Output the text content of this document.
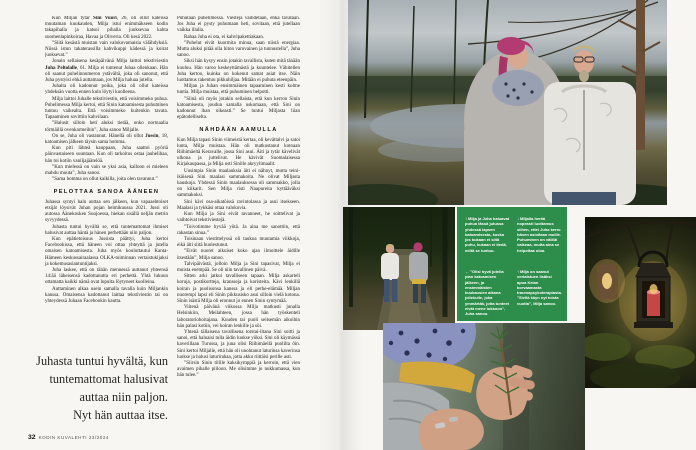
Kun Miljan tytär Sini Vuori, 26, oli ollut kateissa muutaman kuukauden, Milja istui enimmäkseen kodin takapihalla ja katsoi pihalla juoksevaa kahta suomenlapinkoiraa, Havaa ja Oliveria. Oli kesä 2022.

”Siitä kesästä muistan vain valokuvamaisia välähdyksiä. Niissä istun takaterassilla kahvikuppi kädessä ja koirat juoksevat.”

Jonain sellaisena kesäpäivänä Milja laittoi tekstiviestin Juha Peltolalle, 61. Milja ei tuntenut Juhaa ollenkaan. Hän oli saanut puhelinnumeron ystävältä, joka oli sanonut, että Juha pystyisi ehkä auttamaan, jos Milja haluaa jutella.

Juhalta oli kadonnut poika, joka oli ollut kateissa yhdeksän vuotta ennen kuin löytyi kuolleena.

Milja laittoi Juhalle tekstiviestin, että voisimmeko puhua. Puhelimessa Milja kertoi, että Sinin katoamisesta puhuminen tuntuu vaikealta. Että voisimmeko kuitenkin tavata. Tapaaminen sovittiin kahvilaan.

”Halusit silloin heti aluksi tietää, onko normaalia törmäillä ovenkarmeihin”, Juha sanoo Miljalle.

On se, Juha oli vastannut. Hänellä oli ollut Jussin, 18, katoamisen jälkeen täysin sama homma.

Kun piti lähteä kauppaan, Juha saattoi pyöriä päinvastaiseen suuntaan. Kun oli tarkoitus ostaa jauhelihaa, hän toi kotiin vaniljajäätelöä.

”Kun mielessä on vain se yksi asia, kalloon ei mieleen mahdu muuta”, Juha sanoo.

”Sama homma on ollut kaikilla, joita olen tavannut.”

PELOTTAA SANOA ÄÄNEEN

Juhassa syntyi halu auttaa sen jälkeen, kun vapaaehtoiset etsijät löysivät Juhan pojan helmikuussa 2021. Jussi oli autossa Äänekosken Suojoessa, hiekan sisällä neljän metrin syvyydessä.

Juhasta tuntui hyvältä se, että tuntemattomat ihmiset halusivat auttaa häntä ja hänen perhettään niin paljon.

Kun epätietoisuus Jussista päättyi, Juha kertoi Facebookissa, että häneen voi ottaa yhteyttä ja jutella omaisen katoamisesta. Juha myös kouluttautui Kanta-Hämeen keskussairaalassa OLKA-toiminnan vertaistukijaksi ja kokemusasiantuntijaksi.

Juha laskee, että on tähän mennessä auttanut yhteensä 14:ää läheisensä kadottanutta eri perhettä. Yhtä lukuun ottamatta kaikki nämä ovat lopulta löytyneet kuolleina.

Auttaminen alkaa usein samalla tavalla kuin Miljankin kanssa. Omaisensa kadottanut laittaa tekstiviestin tai on yhteydessä Juhaan Facebookin kautta.

Puhutaan puhelimessa. Viestejä vaihdetaan, ehkä tavataan. Jos Juha ei pysty puhumaan heti, sovitaan, että jutellaan vaikka illalla.

Rahaa Juha ei ota, ei kahvipakettiakaan.

”Puhelut eivät kuormita minua, saan niistä energiaa. Mutta aluksi pitää olla hiton varovainen ja tunnustella”, Juha sanoo.

Siksi hän kysyy ensin jotakin tavallista, kuten mitä tänään kuuluu. Hän varoo keskeyttämästä ja kuuntelee. Vähitellen Juha kertoo, kuinka on kokenut samat asiat itse. Näin luottamus rakentuu pikkuhiljaa. Mitään ei puhuta eteenpäin.

Miljan ja Juhan ensimmäinen tapaaminen kesti kolme tuntia. Milja muistaa, että puhuminen helpotti.

”Siinä oli myös jotakin sellaista, että kun kerron Sinin katoamisesta, joudun samalla uskomaan, että Sini on kadonnut ihan oikeasti.” Se tuntui Miljasta liian epätodelliselta.

NÄHDÄÄN AAMULLA

Kun Milja tapasi Sinin viimeistä kertaa, oli kevättalvi ja satoi lunta, Milja muistaa. Hän oli matkustanut kotoaan Riihimäeltä Keravalle, jossa Sini asui. Äiti ja tytär kävelivät ulkona ja juttelivat. He kävivät Suomalaisessa Kirjakaupassa, ja Milja osti Sinille akryylimaalit.

Uusimpia Sinin maalauksia äiti ei nähnyt, mutta teini-ikäisenä Sini maalasi sammakoita. Ne olivat Miljasta hauskoja. Yhdessä Sinin maalauksessa oli sammakko, jolla on kiikarit. Sen Milja risti Naapureita kyttääväksi sammakoksi.

Sini kävi osa-aikatöissä ravintolassa ja asui itsekseen. Maalasi ja tykkäsi ottaa valokuvia.

Kun Milja ja Sini eivät tavanneet, he soittelivat ja vaihtoivat tekstiviestejä.

”Toivotimme hyvää yötä. Ja aina me sanottiin, että rakastan sinua.”

Toisinaan viestittelyssä oli taukoa muutamia viikkoja, eikä äiti siitä huolestunut.

”Eivät nuoret aikuiset koko ajan ilmoittele äidille itsestään”, Milja sanoo.

Talvipäivästä, jolloin Milja ja Sini tapasivat, Milja ei muista enempää. Se oli niin tavallinen päivä.

Sitten arki jatkui tavalliseen tapaan. Milja askarteli koruja, postikortteja, kransseja ja koristeita. Kävi lenkillä koiran ja puolisonsa kanssa ja eli perhe-elämää. Miljan nuorempi lapsi eli Sinin pikkusisko asui silloin vielä kotona. Sinin isästä Milja oli eronnut jo ennen Sinin syntymää.

Viitenä päivänä viikossa Milja matkusti junalla Helsinkiin, Meilahteen, jossa hän työskenteli laboratoriohoitajana. Kuuden tai puoli seitsemän aikoihin hän palasi kotiin, vei koiran lenkille ja söi.

Yhtenä tällaisena tavallisena torstai-iltana Sini soitti ja sanoi, että haluaisi tulla äidin luokse yöksi. Sini oli käymässä kaverillaan Turussa, ja juna olisi Riihimäellä puolilta öin. Sini kertoi Miljalle, että hän oli unohtanut laturinsa kaverinsa luokse ja halusi laturirahaa, jotta akku riittäisi perille asti.

”Siirsin Sinin tilille kaksikymppiä ja kerroin, että vien avaimen pihalle piiloon. Me olisimme jo nukkumassa, kun hän tulee.”

Juhasta tuntui hyvältä, kun
tuntemattomat halusivat
auttaa niin paljon.
Nyt hän auttaa itse.
32 KODIN KUVALEHTI 23/2024
↑Milja ja Juha haluavat puhua tässä jutussa yhdessä lapsen katoamisesta, koska jos kukaan ei siitä puhu, kukaan ei tiedä, miltä se tuntuu.
↓Miljalla herää nopeasti luottamus siihen, ettei Juha kerro hänen asioitaan muille. Puhuminen on välillä vaikeaa, mutta aina se helpottaa oloa.
←”Olisi hyvä jutella pian katoamisen jälkeen, ja ensimmäisten kuukausien aikana jollekulle, joka ymmärtää, jotta tunteet eivät mene lukkoon”, Juha sanoo.
↑Milja on saanut vertaistuen lisäksi apua Kelan korvaamasta traumapsykoterapiasta. ”Siellä käyn nyt toista vuotta”, Milja sanoo.
